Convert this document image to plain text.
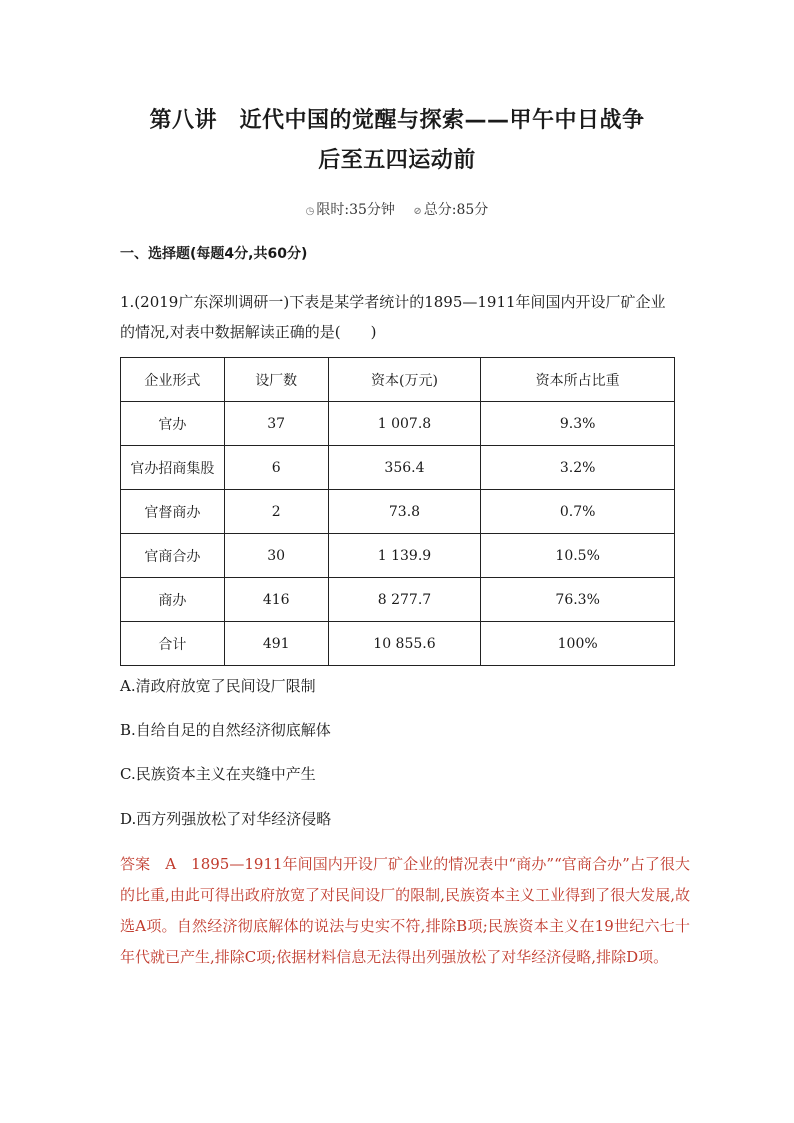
第八讲　近代中国的觉醒与探索——甲午中日战争
后至五四运动前
◷ 限时:35分钟 ⊘ 总分:85分
一、选择题(每题4分,共60分)
1.(2019广东深圳调研一)下表是某学者统计的1895—1911年间国内开设厂矿企业的情况,对表中数据解读正确的是(　　)
企业形式	设厂数	资本(万元)	资本所占比重
官办	37	1 007.8	9.3%
官办招商集股	6	356.4	3.2%
官督商办	2	73.8	0.7%
官商合办	30	1 139.9	10.5%
商办	416	8 277.7	76.3%
合计	491	10 855.6	100%
A.清政府放宽了民间设厂限制
B.自给自足的自然经济彻底解体
C.民族资本主义在夹缝中产生
D.西方列强放松了对华经济侵略
答案　A　1895—1911年间国内开设厂矿企业的情况表中“商办”“官商合办”占了很大的比重,由此可得出政府放宽了对民间设厂的限制,民族资本主义工业得到了很大发展,故选A项。自然经济彻底解体的说法与史实不符,排除B项;民族资本主义在19世纪六七十年代就已产生,排除C项;依据材料信息无法得出列强放松了对华经济侵略,排除D项。
